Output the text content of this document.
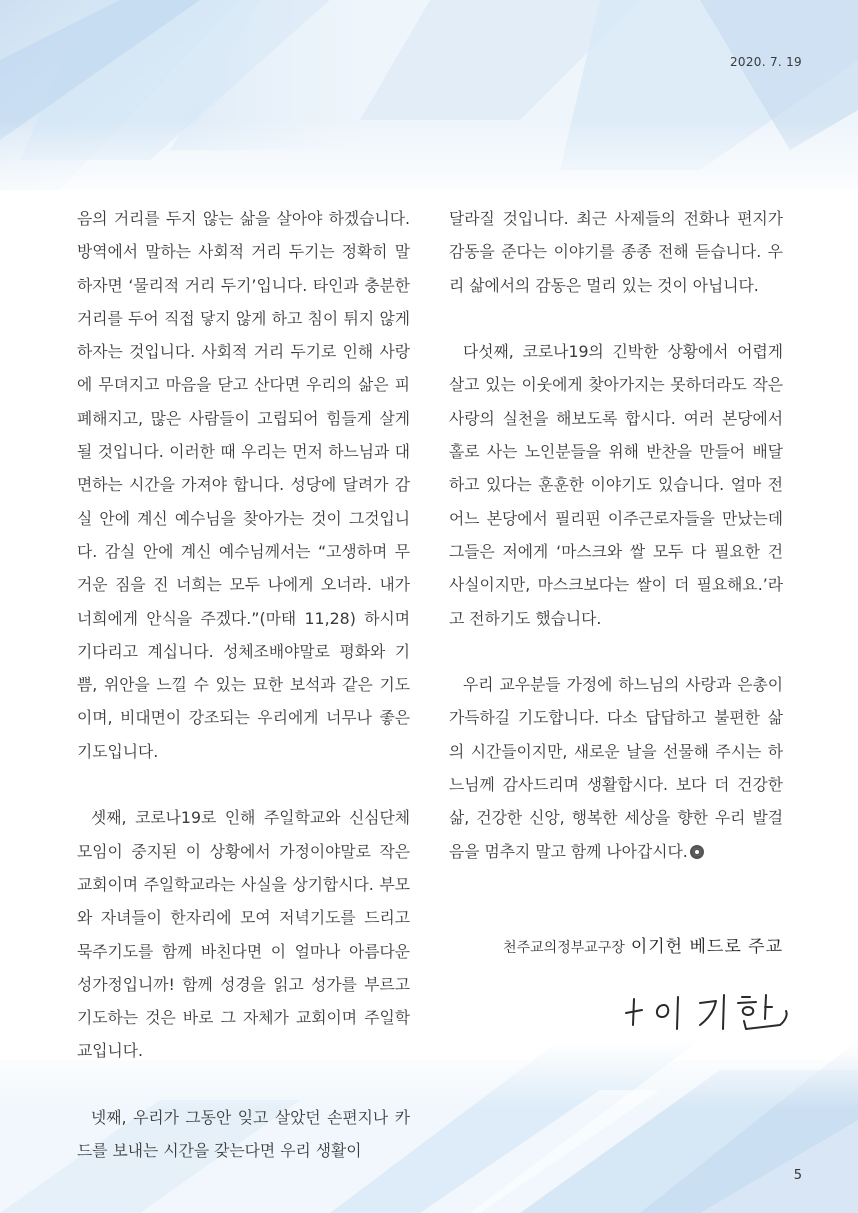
2020. 7. 19

음의 거리를 두지 않는 삶을 살아야 하겠습니다. 방역에서 말하는 사회적 거리 두기는 정확히 말하자면 ‘물리적 거리 두기’입니다. 타인과 충분한 거리를 두어 직접 닿지 않게 하고 침이 튀지 않게 하자는 것입니다. 사회적 거리 두기로 인해 사랑에 무뎌지고 마음을 닫고 산다면 우리의 삶은 피폐해지고, 많은 사람들이 고립되어 힘들게 살게 될 것입니다. 이러한 때 우리는 먼저 하느님과 대면하는 시간을 가져야 합니다. 성당에 달려가 감실 안에 계신 예수님을 찾아가는 것이 그것입니다. 감실 안에 계신 예수님께서는 “고생하며 무거운 짐을 진 너희는 모두 나에게 오너라. 내가 너희에게 안식을 주겠다.”(마태 11,28) 하시며 기다리고 계십니다. 성체조배야말로 평화와 기쁨, 위안을 느낄 수 있는 묘한 보석과 같은 기도이며, 비대면이 강조되는 우리에게 너무나 좋은 기도입니다.

셋째, 코로나19로 인해 주일학교와 신심단체 모임이 중지된 이 상황에서 가정이야말로 작은 교회이며 주일학교라는 사실을 상기합시다. 부모와 자녀들이 한자리에 모여 저녁기도를 드리고 묵주기도를 함께 바친다면 이 얼마나 아름다운 성가정입니까! 함께 성경을 읽고 성가를 부르고 기도하는 것은 바로 그 자체가 교회이며 주일학교입니다.

넷째, 우리가 그동안 잊고 살았던 손편지나 카드를 보내는 시간을 갖는다면 우리 생활이

달라질 것입니다. 최근 사제들의 전화나 편지가 감동을 준다는 이야기를 종종 전해 듣습니다. 우리 삶에서의 감동은 멀리 있는 것이 아닙니다.

다섯째, 코로나19의 긴박한 상황에서 어렵게 살고 있는 이웃에게 찾아가지는 못하더라도 작은 사랑의 실천을 해보도록 합시다. 여러 본당에서 홀로 사는 노인분들을 위해 반찬을 만들어 배달하고 있다는 훈훈한 이야기도 있습니다. 얼마 전 어느 본당에서 필리핀 이주근로자들을 만났는데 그들은 저에게 ‘마스크와 쌀 모두 다 필요한 건 사실이지만, 마스크보다는 쌀이 더 필요해요.’라고 전하기도 했습니다.

우리 교우분들 가정에 하느님의 사랑과 은총이 가득하길 기도합니다. 다소 답답하고 불편한 삶의 시간들이지만, 새로운 날을 선물해 주시는 하느님께 감사드리며 생활합시다. 보다 더 건강한 삶, 건강한 신앙, 행복한 세상을 향한 우리 발걸음을 멈추지 말고 함께 나아갑시다.

천주교의정부교구장 이기헌 베드로 주교
5
